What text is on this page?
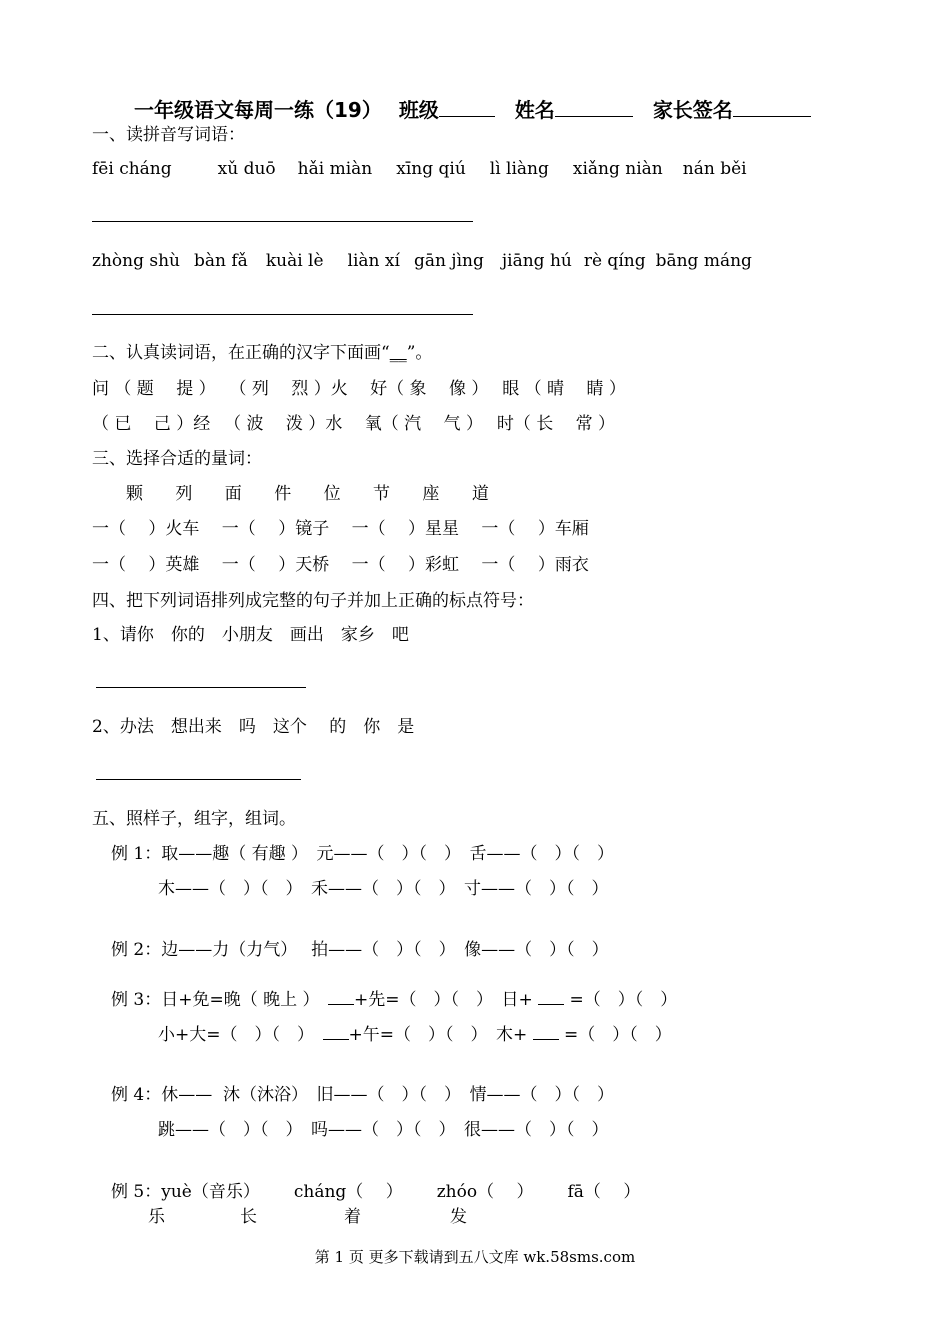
一年级语文每周一练（19）　 班级　	姓名　	家长签名
一、读拼音写词语：
fēi cháng	xǔ duō hǎi miàn xīng qiú lì liàng xiǎng niàn nán běi
zhòng shù bàn fǎ kuài lè liàn xí gān jìng jiāng hú rè qíng bāng máng
二、认真读词语，在正确的汉字下面画“__”。
问 （ 题 　提 ）　 （ 列 　烈 ）火 　好（ 象 　像 ）　 眼 （ 晴 　睛 ）
（ 已 　己 ）经 　（ 波 　泼 ）水 　氧（ 汽 　气 ）　 时（ 长 　常 ）
三、选择合适的量词：
颗　 列　 面　 件　 位　 节　 座　 道
一（　 ）火车　 一（　 ）镜子　 一（　 ）星星　 一（　 ）车厢
一（　 ）英雄　 一（　 ）天桥　 一（　 ）彩虹　 一（　 ）雨衣
四、把下列词语排列成完整的句子并加上正确的标点符号：
1、请你　你的　小朋友　画出　家乡　吧
2、办法　想出来　吗　这个　 的　你　是
五、照样子，组字，组词。
例 1：取——趣（ 有趣 ）　元——（　）（　）　舌——（　）（　）
木——（　）（　）　禾——（　）（　）　寸——（　）（　）
例 2：边——力（力气）　 拍——（　）（　）　像——（　）（　）
例 3：日+免=晚（ 晚上 ）　+先=（　）（　）　日+  =（　）（　）
小+大=（　）（　）　+午=（　）（　）　木+  =（　）（　）
例 4：休——  沐（沐浴）　旧——（　）（　）　情——（　）（　）
跳——（　）（　）　吗——（　）（　）　很——（　）（　）
例 5：yuè（音乐） cháng（　 ） zhóo（　 ） fā（　 ）
乐	长	着	发
第 1 页 更多下载请到五八文库 wk.58sms.com
